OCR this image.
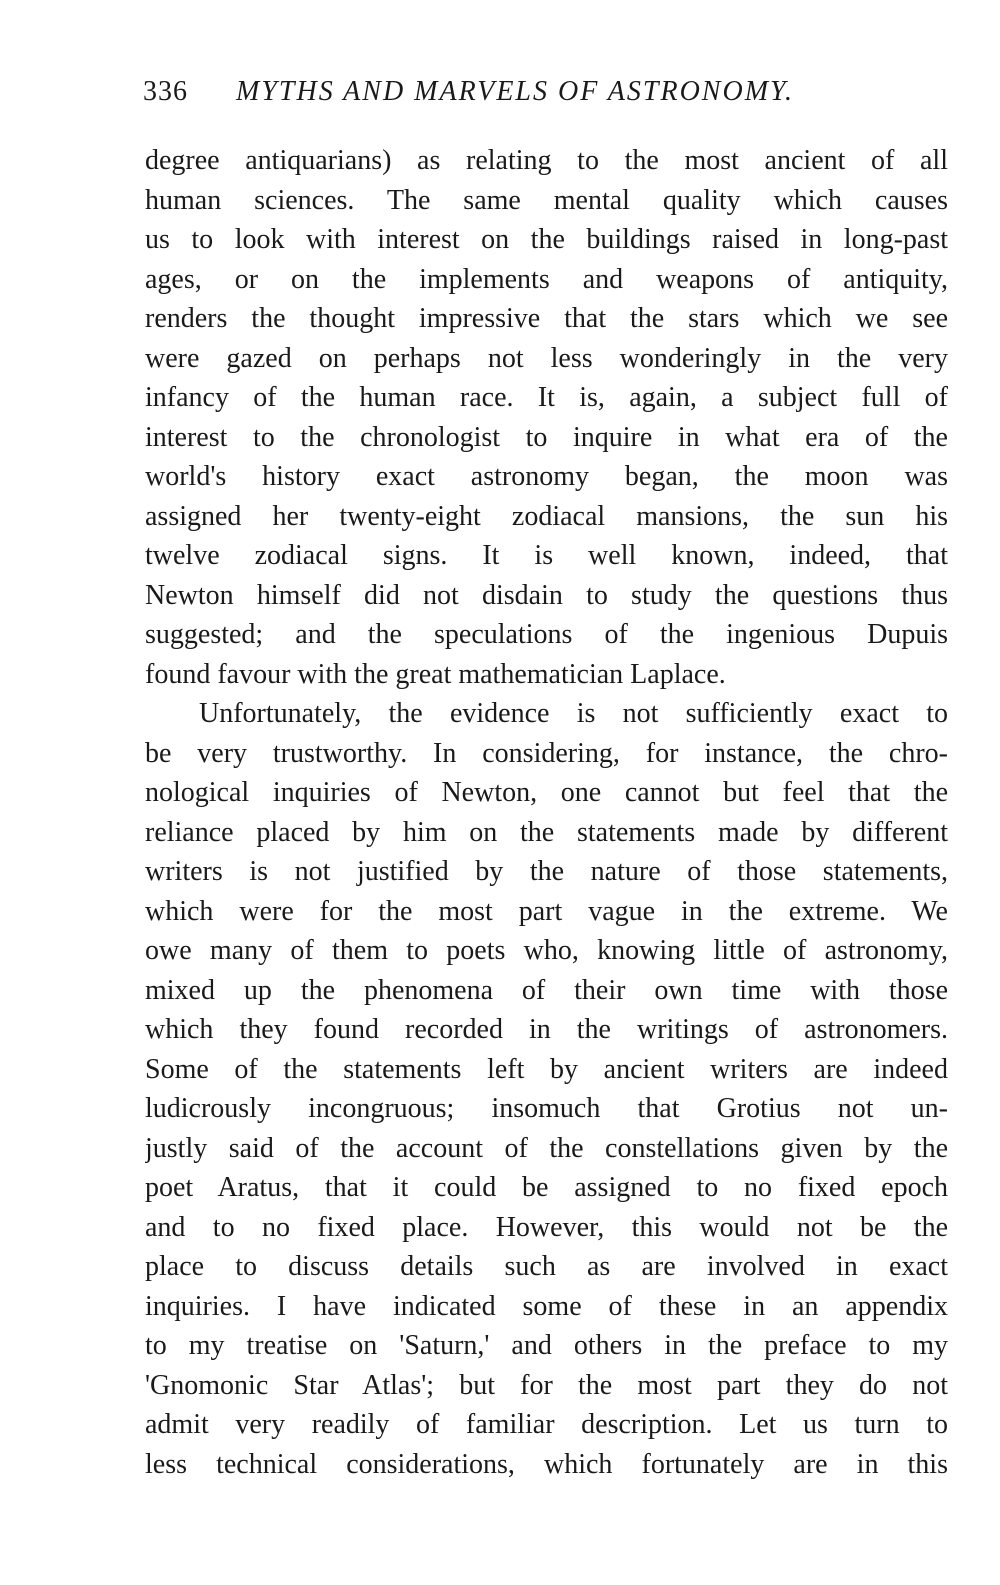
336 MYTHS AND MARVELS OF ASTRONOMY.
degree antiquarians) as relating to the most ancient of all
human sciences. The same mental quality which causes
us to look with interest on the buildings raised in long-past
ages, or on the implements and weapons of antiquity,
renders the thought impressive that the stars which we see
were gazed on perhaps not less wonderingly in the very
infancy of the human race. It is, again, a subject full of
interest to the chronologist to inquire in what era of the
world's history exact astronomy began, the moon was
assigned her twenty-eight zodiacal mansions, the sun his
twelve zodiacal signs. It is well known, indeed, that
Newton himself did not disdain to study the questions thus
suggested; and the speculations of the ingenious Dupuis
found favour with the great mathematician Laplace.
Unfortunately, the evidence is not sufficiently exact to
be very trustworthy. In considering, for instance, the chro-
nological inquiries of Newton, one cannot but feel that the
reliance placed by him on the statements made by different
writers is not justified by the nature of those statements,
which were for the most part vague in the extreme. We
owe many of them to poets who, knowing little of astronomy,
mixed up the phenomena of their own time with those
which they found recorded in the writings of astronomers.
Some of the statements left by ancient writers are indeed
ludicrously incongruous; insomuch that Grotius not un-
justly said of the account of the constellations given by the
poet Aratus, that it could be assigned to no fixed epoch
and to no fixed place. However, this would not be the
place to discuss details such as are involved in exact
inquiries. I have indicated some of these in an appendix
to my treatise on 'Saturn,' and others in the preface to my
'Gnomonic Star Atlas'; but for the most part they do not
admit very readily of familiar description. Let us turn to
less technical considerations, which fortunately are in this
